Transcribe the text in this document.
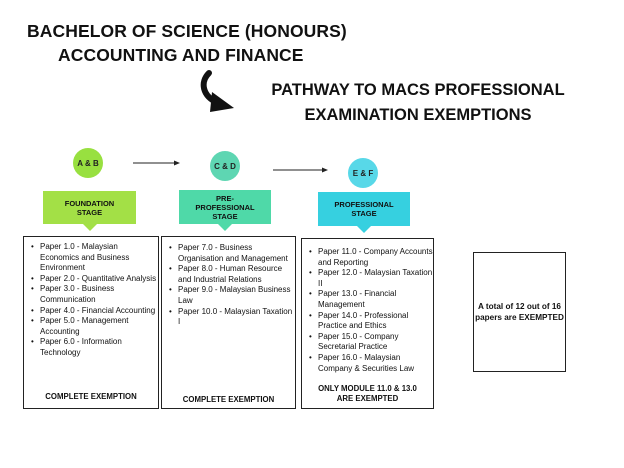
BACHELOR OF SCIENCE (HONOURS)
ACCOUNTING AND FINANCE
PATHWAY TO MACS PROFESSIONAL
EXAMINATION EXEMPTIONS
A & B
FOUNDATION
STAGE
C & D
PRE-
PROFESSIONAL
STAGE
E & F
PROFESSIONAL
STAGE
• Paper 1.0 - Malaysian Economics and Business Environment
• Paper 2.0 - Quantitative Analysis
• Paper 3.0 - Business Communication
• Paper 4.0 - Financial Accounting
• Paper 5.0 - Management Accounting
• Paper 6.0 - Information Technology
COMPLETE EXEMPTION
• Paper 7.0 - Business Organisation and Management
• Paper 8.0 - Human Resource and Industrial Relations
• Paper 9.0 - Malaysian Business Law
• Paper 10.0 - Malaysian Taxation I
COMPLETE EXEMPTION
• Paper 11.0 - Company Accounts and Reporting
• Paper 12.0 - Malaysian Taxation II
• Paper 13.0 - Financial Management
• Paper 14.0 - Professional Practice and Ethics
• Paper 15.0 - Company Secretarial Practice
• Paper 16.0 - Malaysian Company & Securities Law
ONLY MODULE 11.0 & 13.0
ARE EXEMPTED
A total of 12 out of 16
papers are EXEMPTED
